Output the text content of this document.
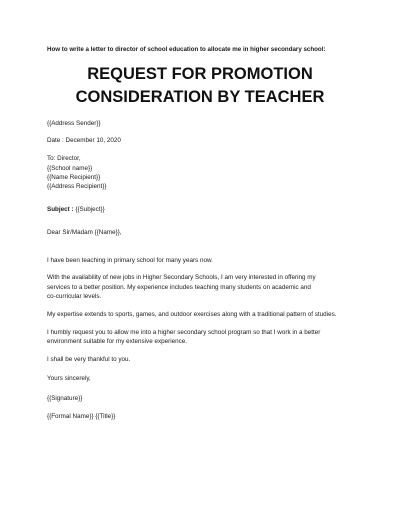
How to write a letter to director of school education to allocate me in higher secondary school:

REQUEST FOR PROMOTION
CONSIDERATION BY TEACHER

{{Address Sender}}

Date : December 10, 2020

To: Director,

{{School name}}

{{Name Recipient}}

{{Address Recipient}}

Subject : {{Subject}}

Dear Sir/Madam {{Name}},

I have been teaching in primary school for many years now.

With the availability of new jobs in Higher Secondary Schools, I am very interested in offering my
services to a better position. My experience includes teaching many students on academic and
co-curricular levels.

My expertise extends to sports, games, and outdoor exercises along with a traditional pattern of studies.

I humbly request you to allow me into a higher secondary school program so that I work in a better
environment suitable for my extensive experience.

I shall be very thankful to you.

Yours sincerely,

{{Signature}}

{{Formal Name}} {{Title}}
